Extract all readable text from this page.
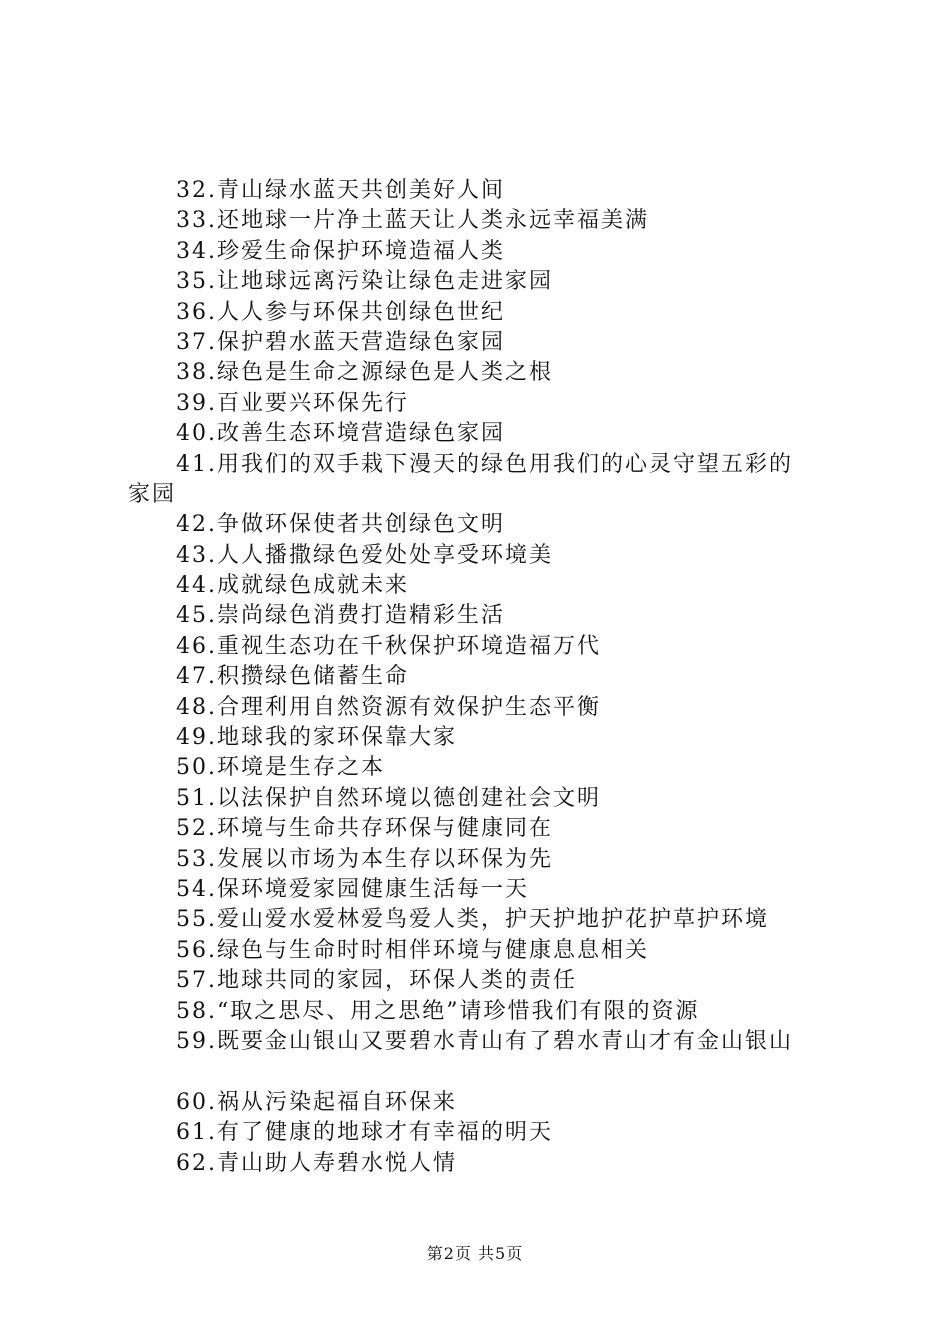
32.青山绿水蓝天共创美好人间
33.还地球一片净土蓝天让人类永远幸福美满
34.珍爱生命保护环境造福人类
35.让地球远离污染让绿色走进家园
36.人人参与环保共创绿色世纪
37.保护碧水蓝天营造绿色家园
38.绿色是生命之源绿色是人类之根
39.百业要兴环保先行
40.改善生态环境营造绿色家园
41.用我们的双手栽下漫天的绿色用我们的心灵守望五彩的
家园
42.争做环保使者共创绿色文明
43.人人播撒绿色爱处处享受环境美
44.成就绿色成就未来
45.崇尚绿色消费打造精彩生活
46.重视生态功在千秋保护环境造福万代
47.积攒绿色储蓄生命
48.合理利用自然资源有效保护生态平衡
49.地球我的家环保靠大家
50.环境是生存之本
51.以法保护自然环境以德创建社会文明
52.环境与生命共存环保与健康同在
53.发展以市场为本生存以环保为先
54.保环境爱家园健康生活每一天
55.爱山爱水爱林爱鸟爱人类，护天护地护花护草护环境
56.绿色与生命时时相伴环境与健康息息相关
57.地球共同的家园，环保人类的责任
58.“取之思尽、用之思绝”请珍惜我们有限的资源
59.既要金山银山又要碧水青山有了碧水青山才有金山银山
60.祸从污染起福自环保来
61.有了健康的地球才有幸福的明天
62.青山助人寿碧水悦人情
第2页 共5页
